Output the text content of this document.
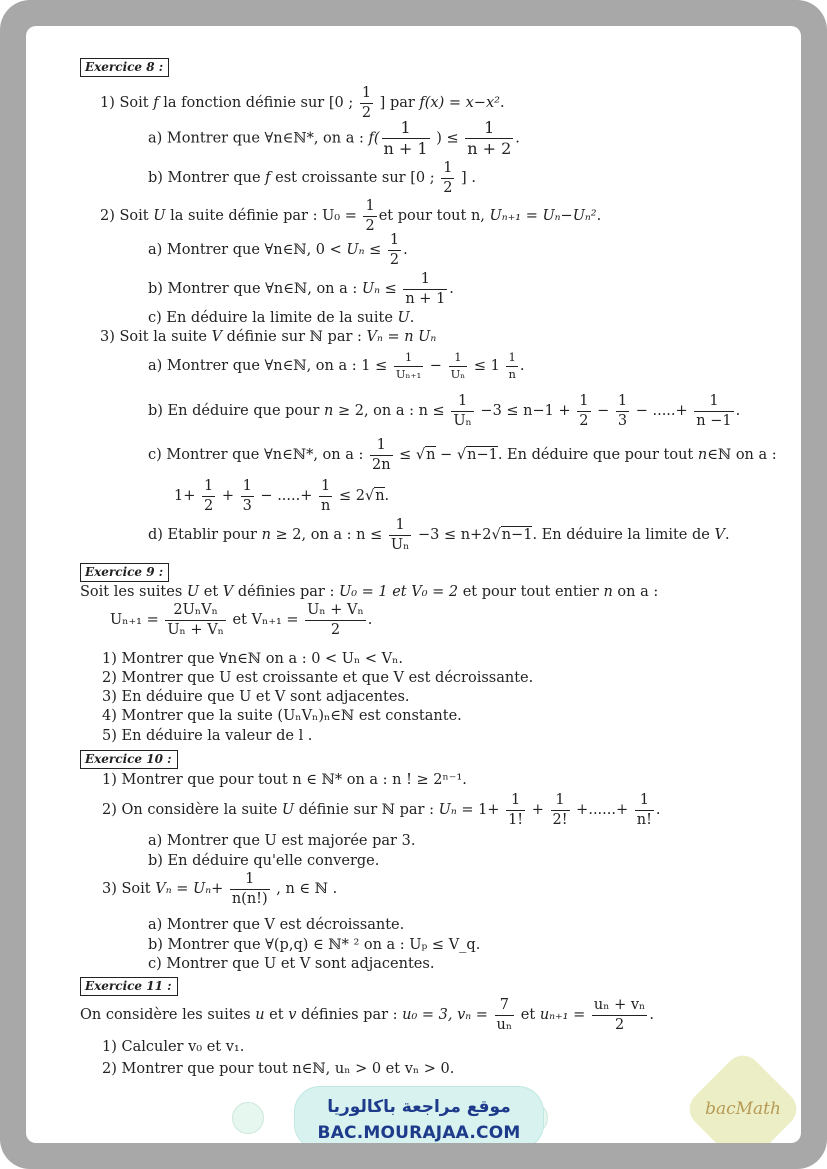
Exercice 8 :
1) Soit f la fonction définie sur [0 ; $\frac{1}{2}$ ] par f(x) = x−x².
a) Montrer que ∀n∈ℕ*, on a : $f( \frac{1}{n + 1}$ ) ≤ $\frac{1}{n + 2}$ .
b) Montrer que f est croissante sur [0 ; $\frac{1}{2}$ ] .
2) Soit U la suite définie par : $U_0 = \frac{1}{2}$ et pour tout n, Uₙ₊₁ = Uₙ−Uₙ².
a) Montrer que ∀n∈ℕ, $0 < U_n \le \frac{1}{2}$ .
b) Montrer que ∀n∈ℕ, on a : $U_n \le \frac{1}{n + 1}$ .
c) En déduire la limite de la suite U.
3) Soit la suite V définie sur ℕ par : Vₙ = n Uₙ
a) Montrer que ∀n∈ℕ, on a : $1 \le \frac{1}{\text{Uₙ₊₁}} - \frac{1}{\text{Uₙ}} \le 1 \frac{1}{n}$ .
b) En déduire que pour n ≥ 2, on a : $n \le \frac{1}{\text{Uₙ}} -3 \le n-1 + \frac{1}{2} - \frac{1}{3}$ − .....+ $\frac{1}{n -1}$ .
c) Montrer que ∀n∈ℕ*, on a : $\frac{1}{2n} \le √n - √n-1$. En déduire que pour tout n∈ℕ on a :
$1+ \frac{1}{2} + \frac{1}{3}$ − .....+ $\frac{1}{n} \le 2√n$.
d) Etablir pour n ≥ 2, on a : $n \le \frac{1}{\text{Uₙ}} -3 \le n+2√n-1$. En déduire la limite de V.
Exercice 9 :
Soit les suites U et V définies par : U₀ = 1 et V₀ = 2 et pour tout entier n on a :
Uₙ₊₁ =
2UₙVₙ
Uₙ + Vₙ
et $V_{n+1} = \frac{\text{Uₙ + Vₙ}}{2}$ .
1) Montrer que ∀n∈ℕ on a : 0 < Uₙ < Vₙ.
2) Montrer que U est croissante et que V est décroissante.
3) En déduire que U et V sont adjacentes.
4) Montrer que la suite (UₙVₙ)ₙ∈ℕ est constante.
5) En déduire la valeur de l .
Exercice 10 :
1) Montrer que pour tout n ∈ ℕ* on a : n ! ≥ 2ⁿ⁻¹.
2) On considère la suite U définie sur ℕ par : $U_n = 1+ \frac{1}{1!} + \frac{1}{2!}$ +......+ $\frac{1}{n!}$ .
a) Montrer que U est majorée par 3.
b) En déduire qu'elle converge.
3) Soit $V_n = U_n+ \frac{1}{n(n!)}$ , n ∈ ℕ .
a) Montrer que V est décroissante.
b) Montrer que ∀(p,q) ∈ ℕ* ² on a : Uₚ ≤ V_q.
c) Montrer que U et V sont adjacentes.
Exercice 11 :
On considère les suites u et v définies par : u₀ = 3, $v_n = \frac{7}{\text{uₙ}}$ et $u_{n+1} = \frac{\text{uₙ + vₙ}}{2}$ .
1) Calculer v₀ et v₁.
2) Montrer que pour tout n∈ℕ, uₙ > 0 et vₙ > 0.
موقع مراجعة باكالوريا
BAC.MOURAJAA.COM
bacMath
